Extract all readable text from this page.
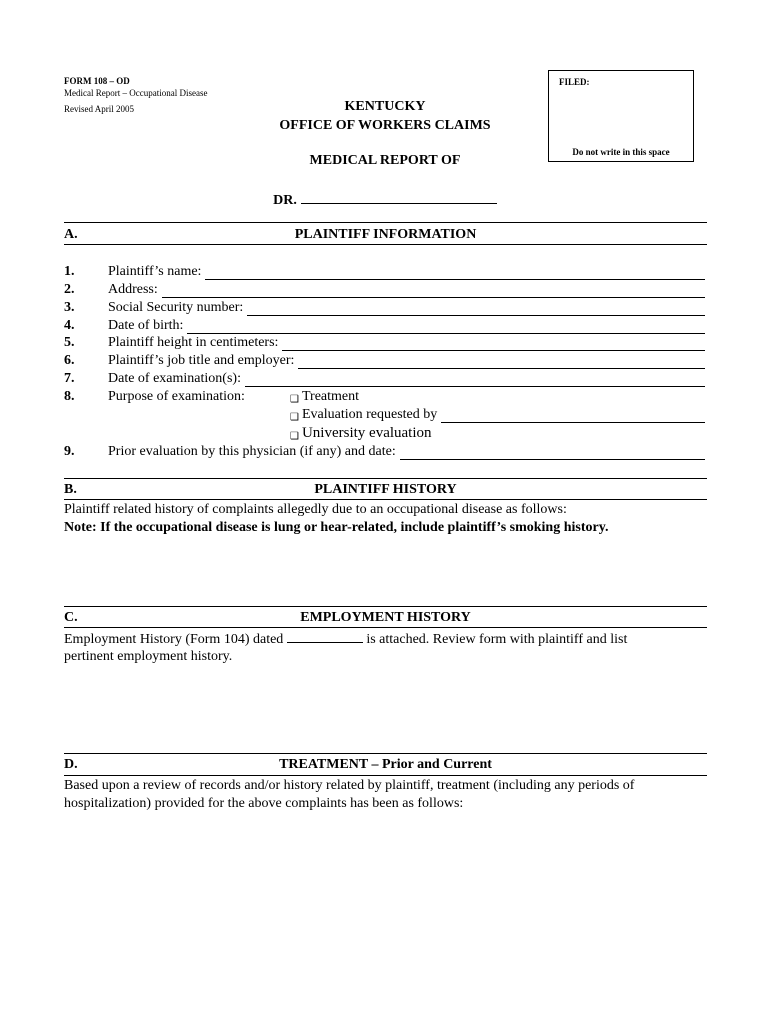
FORM 108 – OD
Medical Report – Occupational Disease
Revised April 2005
FILED:
Do not write in this space
KENTUCKY
OFFICE OF WORKERS CLAIMS
MEDICAL REPORT OF
DR.
A.	PLAINTIFF INFORMATION
1. Plaintiff’s name:
2. Address:
3. Social Security number:
4. Date of birth:
5. Plaintiff height in centimeters:
6. Plaintiff’s job title and employer:
7. Date of examination(s):
8. Purpose of examination:	❑ Treatment
❑ Evaluation requested by
❑ University evaluation
9. Prior evaluation by this physician (if any) and date:
B.	PLAINTIFF HISTORY
Plaintiff related history of complaints allegedly due to an occupational disease as follows:
Note: If the occupational disease is lung or hear-related, include plaintiff’s smoking history.
C.	EMPLOYMENT HISTORY
Employment History (Form 104) dated	is attached. Review form with plaintiff and list
pertinent employment history.
D.	TREATMENT – Prior and Current
Based upon a review of records and/or history related by plaintiff, treatment (including any periods of
hospitalization) provided for the above complaints has been as follows:
